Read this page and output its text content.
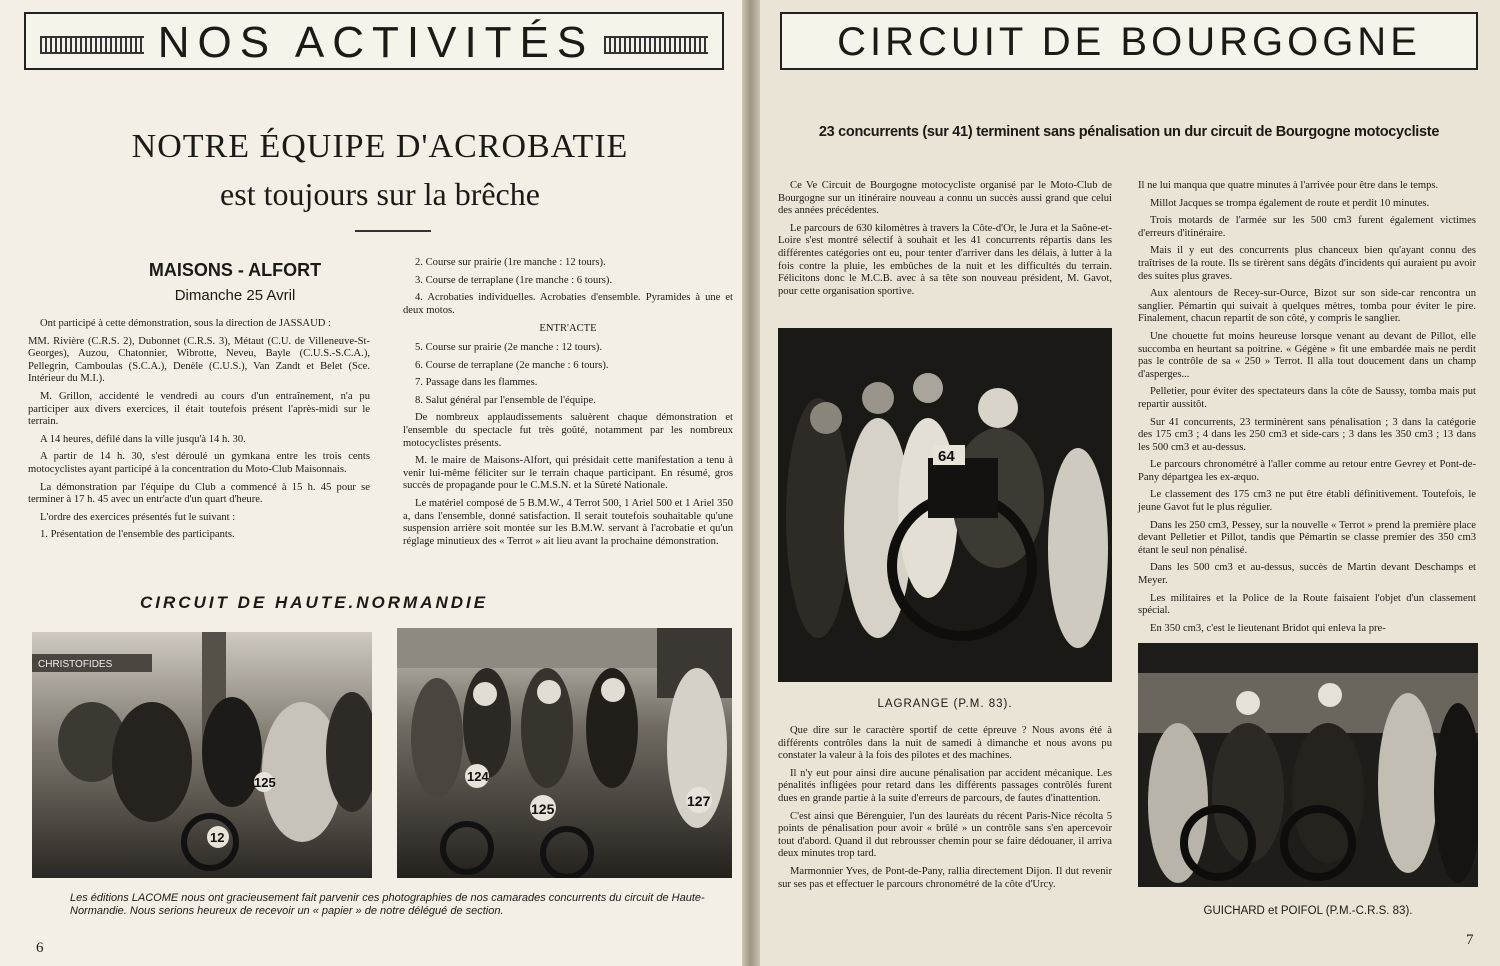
NOS ACTIVITÉS
NOTRE ÉQUIPE D'ACROBATIE
est toujours sur la brêche
MAISONS - ALFORT
Dimanche 25 Avril

Ont participé à cette démonstration, sous la direction de JASSAUD :

MM. Rivière (C.R.S. 2), Dubonnet (C.R.S. 3), Métaut (C.U. de Villeneuve-St-Georges), Auzou, Chatonnier, Wibrotte, Neveu, Bayle (C.U.S.-S.C.A.), Pellegrin, Camboulas (S.C.A.), Denèle (C.U.S.), Van Zandt et Belet (Sce. Intérieur du M.I.).

M. Grillon, accidenté le vendredi au cours d'un entraînement, n'a pu participer aux divers exercices, il était toutefois présent l'après-midi sur le terrain.

A 14 heures, défilé dans la ville jusqu'à 14 h. 30.

A partir de 14 h. 30, s'est déroulé un gymkana entre les trois cents motocyclistes ayant participé à la concentration du Moto-Club Maisonnais.

La démonstration par l'équipe du Club a commencé à 15 h. 45 pour se terminer à 17 h. 45 avec un entr'acte d'un quart d'heure.

L'ordre des exercices présentés fut le suivant :

1. Présentation de l'ensemble des participants.

2. Course sur prairie (1re manche : 12 tours).

3. Course de terraplane (1re manche : 6 tours).

4. Acrobaties individuelles. Acrobaties d'ensemble. Pyramides à une et deux motos.

ENTR'ACTE

5. Course sur prairie (2e manche : 12 tours).

6. Course de terraplane (2e manche : 6 tours).

7. Passage dans les flammes.

8. Salut général par l'ensemble de l'équipe.

De nombreux applaudissements saluèrent chaque démonstration et l'ensemble du spectacle fut très goûté, notamment par les nombreux motocyclistes présents.

M. le maire de Maisons-Alfort, qui présidait cette manifestation a tenu à venir lui-même féliciter sur le terrain chaque participant. En résumé, gros succès de propagande pour le C.M.S.N. et la Sûreté Nationale.

Le matériel composé de 5 B.M.W., 4 Terrot 500, 1 Ariel 500 et 1 Ariel 350 a, dans l'ensemble, donné satisfaction. Il serait toutefois souhaitable qu'une suspension arrière soit montée sur les B.M.W. servant à l'acrobatie et qu'un réglage minutieux des « Terrot » ait lieu avant la prochaine démonstration.

CIRCUIT DE HAUTE.NORMANDIE
CHRISTOFIDES
125
12
124
125	127
Les éditions LACOME nous ont gracieusement fait parvenir ces photographies de nos camarades concurrents du circuit de Haute-Normandie. Nous serions heureux de recevoir un « papier » de notre délégué de section.
6
CIRCUIT DE BOURGOGNE
23 concurrents (sur 41) terminent sans pénalisation un dur circuit de Bourgogne motocycliste

Ce Ve Circuit de Bourgogne motocycliste organisé par le Moto-Club de Bourgogne sur un itinéraire nouveau a connu un succès aussi grand que celui des années précédentes.

Le parcours de 630 kilomètres à travers la Côte-d'Or, le Jura et la Saône-et-Loire s'est montré sélectif à souhait et les 41 concurrents répartis dans les différentes catégories ont eu, pour tenter d'arriver dans les délais, à lutter à la fois contre la pluie, les embûches de la nuit et les difficultés du terrain. Félicitons donc le M.C.B. avec à sa tête son nouveau président, M. Gavot, pour cette organisation sportive.

64
LAGRANGE (P.M. 83).

Que dire sur le caractère sportif de cette épreuve ? Nous avons été à différents contrôles dans la nuit de samedi à dimanche et nous avons pu constater la valeur à la fois des pilotes et des machines.

Il n'y eut pour ainsi dire aucune pénalisation par accident mécanique. Les pénalités infligées pour retard dans les différents passages contrôlés furent dues en grande partie à la suite d'erreurs de parcours, de fautes d'inattention.

C'est ainsi que Bérenguier, l'un des lauréats du récent Paris-Nice récolta 5 points de pénalisation pour avoir « brûlé » un contrôle sans s'en apercevoir tout d'abord. Quand il dut rebrousser chemin pour se faire dédouaner, il arriva deux minutes trop tard.

Marmonnier Yves, de Pont-de-Pany, rallia directement Dijon. Il dut revenir sur ses pas et effectuer le parcours chronométré de la côte d'Urcy.

Il ne lui manqua que quatre minutes à l'arrivée pour être dans le temps.

Millot Jacques se trompa également de route et perdit 10 minutes.

Trois motards de l'armée sur les 500 cm3 furent également victimes d'erreurs d'itinéraire.

Mais il y eut des concurrents plus chanceux bien qu'ayant connu des traîtrises de la route. Ils se tirèrent sans dégâts d'incidents qui auraient pu avoir des suites plus graves.

Aux alentours de Recey-sur-Ource, Bizot sur son side-car rencontra un sanglier. Pémartin qui suivait à quelques mètres, tomba pour éviter le pire. Finalement, chacun repartit de son côté, y compris le sanglier.

Une chouette fut moins heureuse lorsque venant au devant de Pillot, elle succomba en heurtant sa poitrine. « Gégène » fit une embardée mais ne perdit pas le contrôle de sa « 250 » Terrot. Il alla tout doucement dans un champ d'asperges...

Pelletier, pour éviter des spectateurs dans la côte de Saussy, tomba mais put repartir aussitôt.

Sur 41 concurrents, 23 terminèrent sans pénalisation ; 3 dans la catégorie des 175 cm3 ; 4 dans les 250 cm3 et side-cars ; 3 dans les 350 cm3 ; 13 dans les 500 cm3 et au-dessus.

Le parcours chronométré à l'aller comme au retour entre Gevrey et Pont-de-Pany départgea les ex-æquo.

Le classement des 175 cm3 ne put être établi définitivement. Toutefois, le jeune Gavot fut le plus régulier.

Dans les 250 cm3, Pessey, sur la nouvelle « Terrot » prend la première place devant Pelletier et Pillot, tandis que Pémartin se classe premier des 350 cm3 étant le seul non pénalisé.

Dans les 500 cm3 et au-dessus, succès de Martin devant Deschamps et Meyer.

Les militaires et la Police de la Route faisaient l'objet d'un classement spécial.

En 350 cm3, c'est le lieutenant Bridot qui enleva la pre-

GUICHARD et POIFOL (P.M.-C.R.S. 83).
7
